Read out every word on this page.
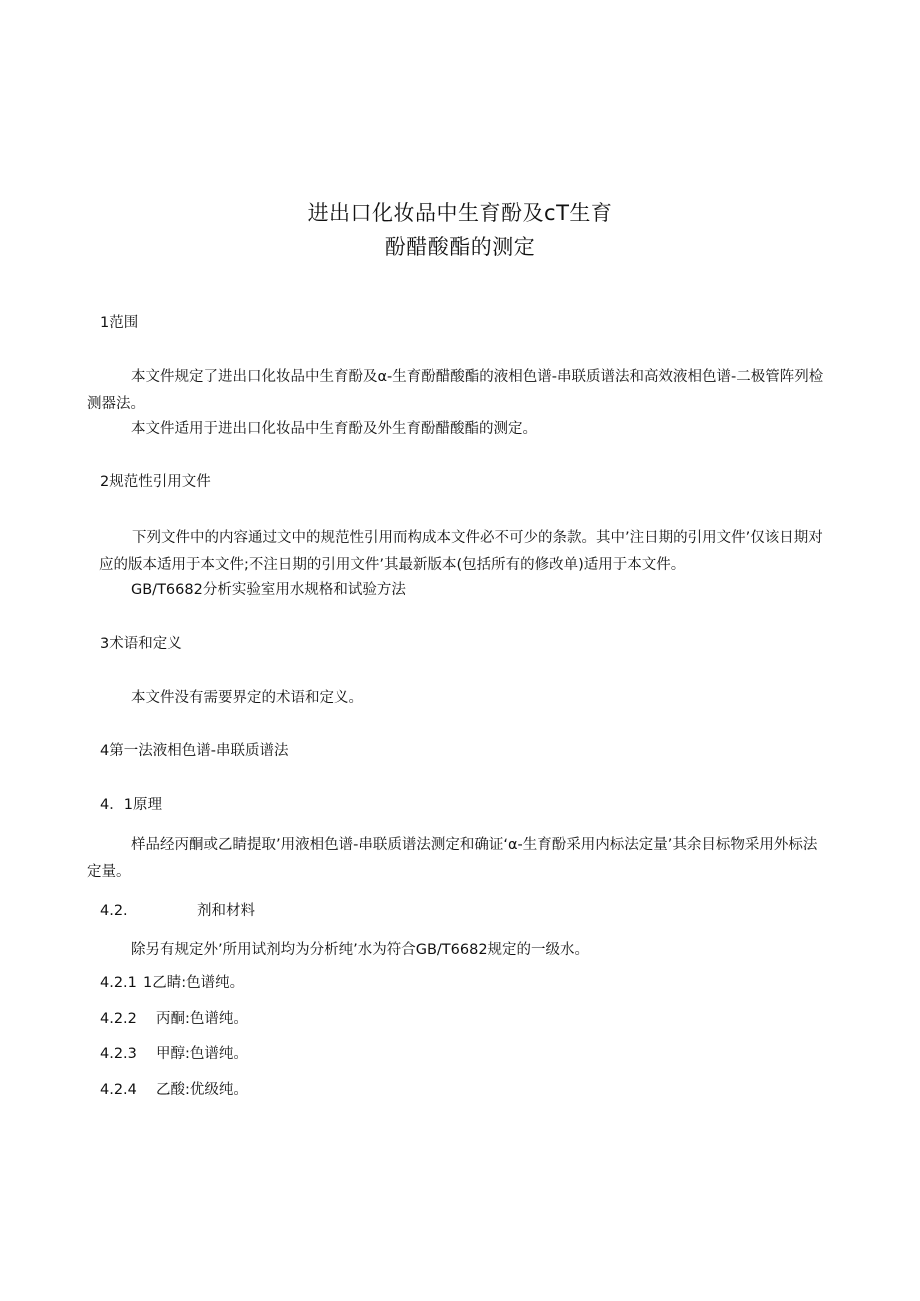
进出口化妆品中生育酚及cT生育
酚醋酸酯的测定
1范围
本文件规定了进出口化妆品中生育酚及α-生育酚醋酸酯的液相色谱-串联质谱法和高效液相色谱-二极管阵列检测器法。
本文件适用于进出口化妆品中生育酚及外生育酚醋酸酯的测定。
2规范性引用文件
下列文件中的内容通过文中的规范性引用而构成本文件必不可少的条款。其中’注日期的引用文件’仅该日期对应的版本适用于本文件;不注日期的引用文件’其最新版本(包括所有的修改单)适用于本文件。
GB/T6682分析实验室用水规格和试验方法
3术语和定义
本文件没有需要界定的术语和定义。
4第一法液相色谱-串联质谱法
4．1原理
样品经丙酮或乙睛提取’用液相色谱-串联质谱法测定和确证‘α-生育酚采用内标法定量’其余目标物采用外标法定量。
4.2.	剂和材料
除另有规定外’所用试剂均为分析纯’水为符合GB/T6682规定的一级水。
4.2.1 1乙睛:色谱纯。
4.2.2 丙酮:色谱纯。
4.2.3 甲醇:色谱纯。
4.2.4 乙酸:优级纯。
